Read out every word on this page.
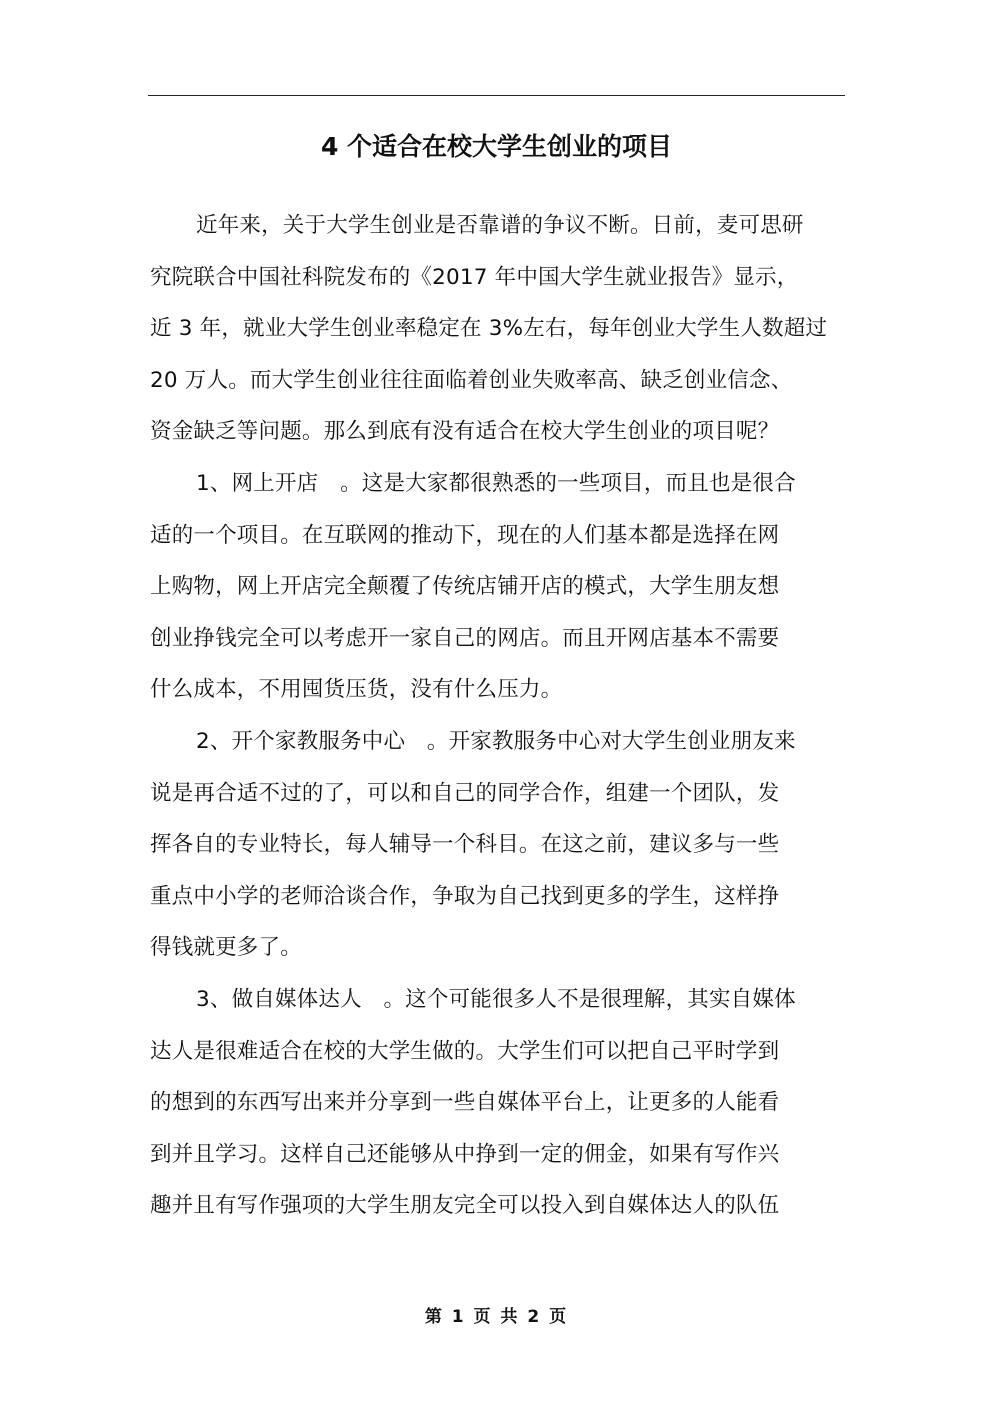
4 个适合在校大学生创业的项目
近年来，关于大学生创业是否靠谱的争议不断。日前，麦可思研
究院联合中国社科院发布的《2017 年中国大学生就业报告》显示，
近 3 年，就业大学生创业率稳定在 3%左右，每年创业大学生人数超过
20 万人。而大学生创业往往面临着创业失败率高、缺乏创业信念、
资金缺乏等问题。那么到底有没有适合在校大学生创业的项目呢？
1、网上开店　。这是大家都很熟悉的一些项目，而且也是很合
适的一个项目。在互联网的推动下，现在的人们基本都是选择在网
上购物，网上开店完全颠覆了传统店铺开店的模式，大学生朋友想
创业挣钱完全可以考虑开一家自己的网店。而且开网店基本不需要
什么成本，不用囤货压货，没有什么压力。
2、开个家教服务中心　。开家教服务中心对大学生创业朋友来
说是再合适不过的了，可以和自己的同学合作，组建一个团队，发
挥各自的专业特长，每人辅导一个科目。在这之前，建议多与一些
重点中小学的老师洽谈合作，争取为自己找到更多的学生，这样挣
得钱就更多了。
3、做自媒体达人　。这个可能很多人不是很理解，其实自媒体
达人是很难适合在校的大学生做的。大学生们可以把自己平时学到
的想到的东西写出来并分享到一些自媒体平台上，让更多的人能看
到并且学习。这样自己还能够从中挣到一定的佣金，如果有写作兴
趣并且有写作强项的大学生朋友完全可以投入到自媒体达人的队伍
第 1 页 共 2 页
